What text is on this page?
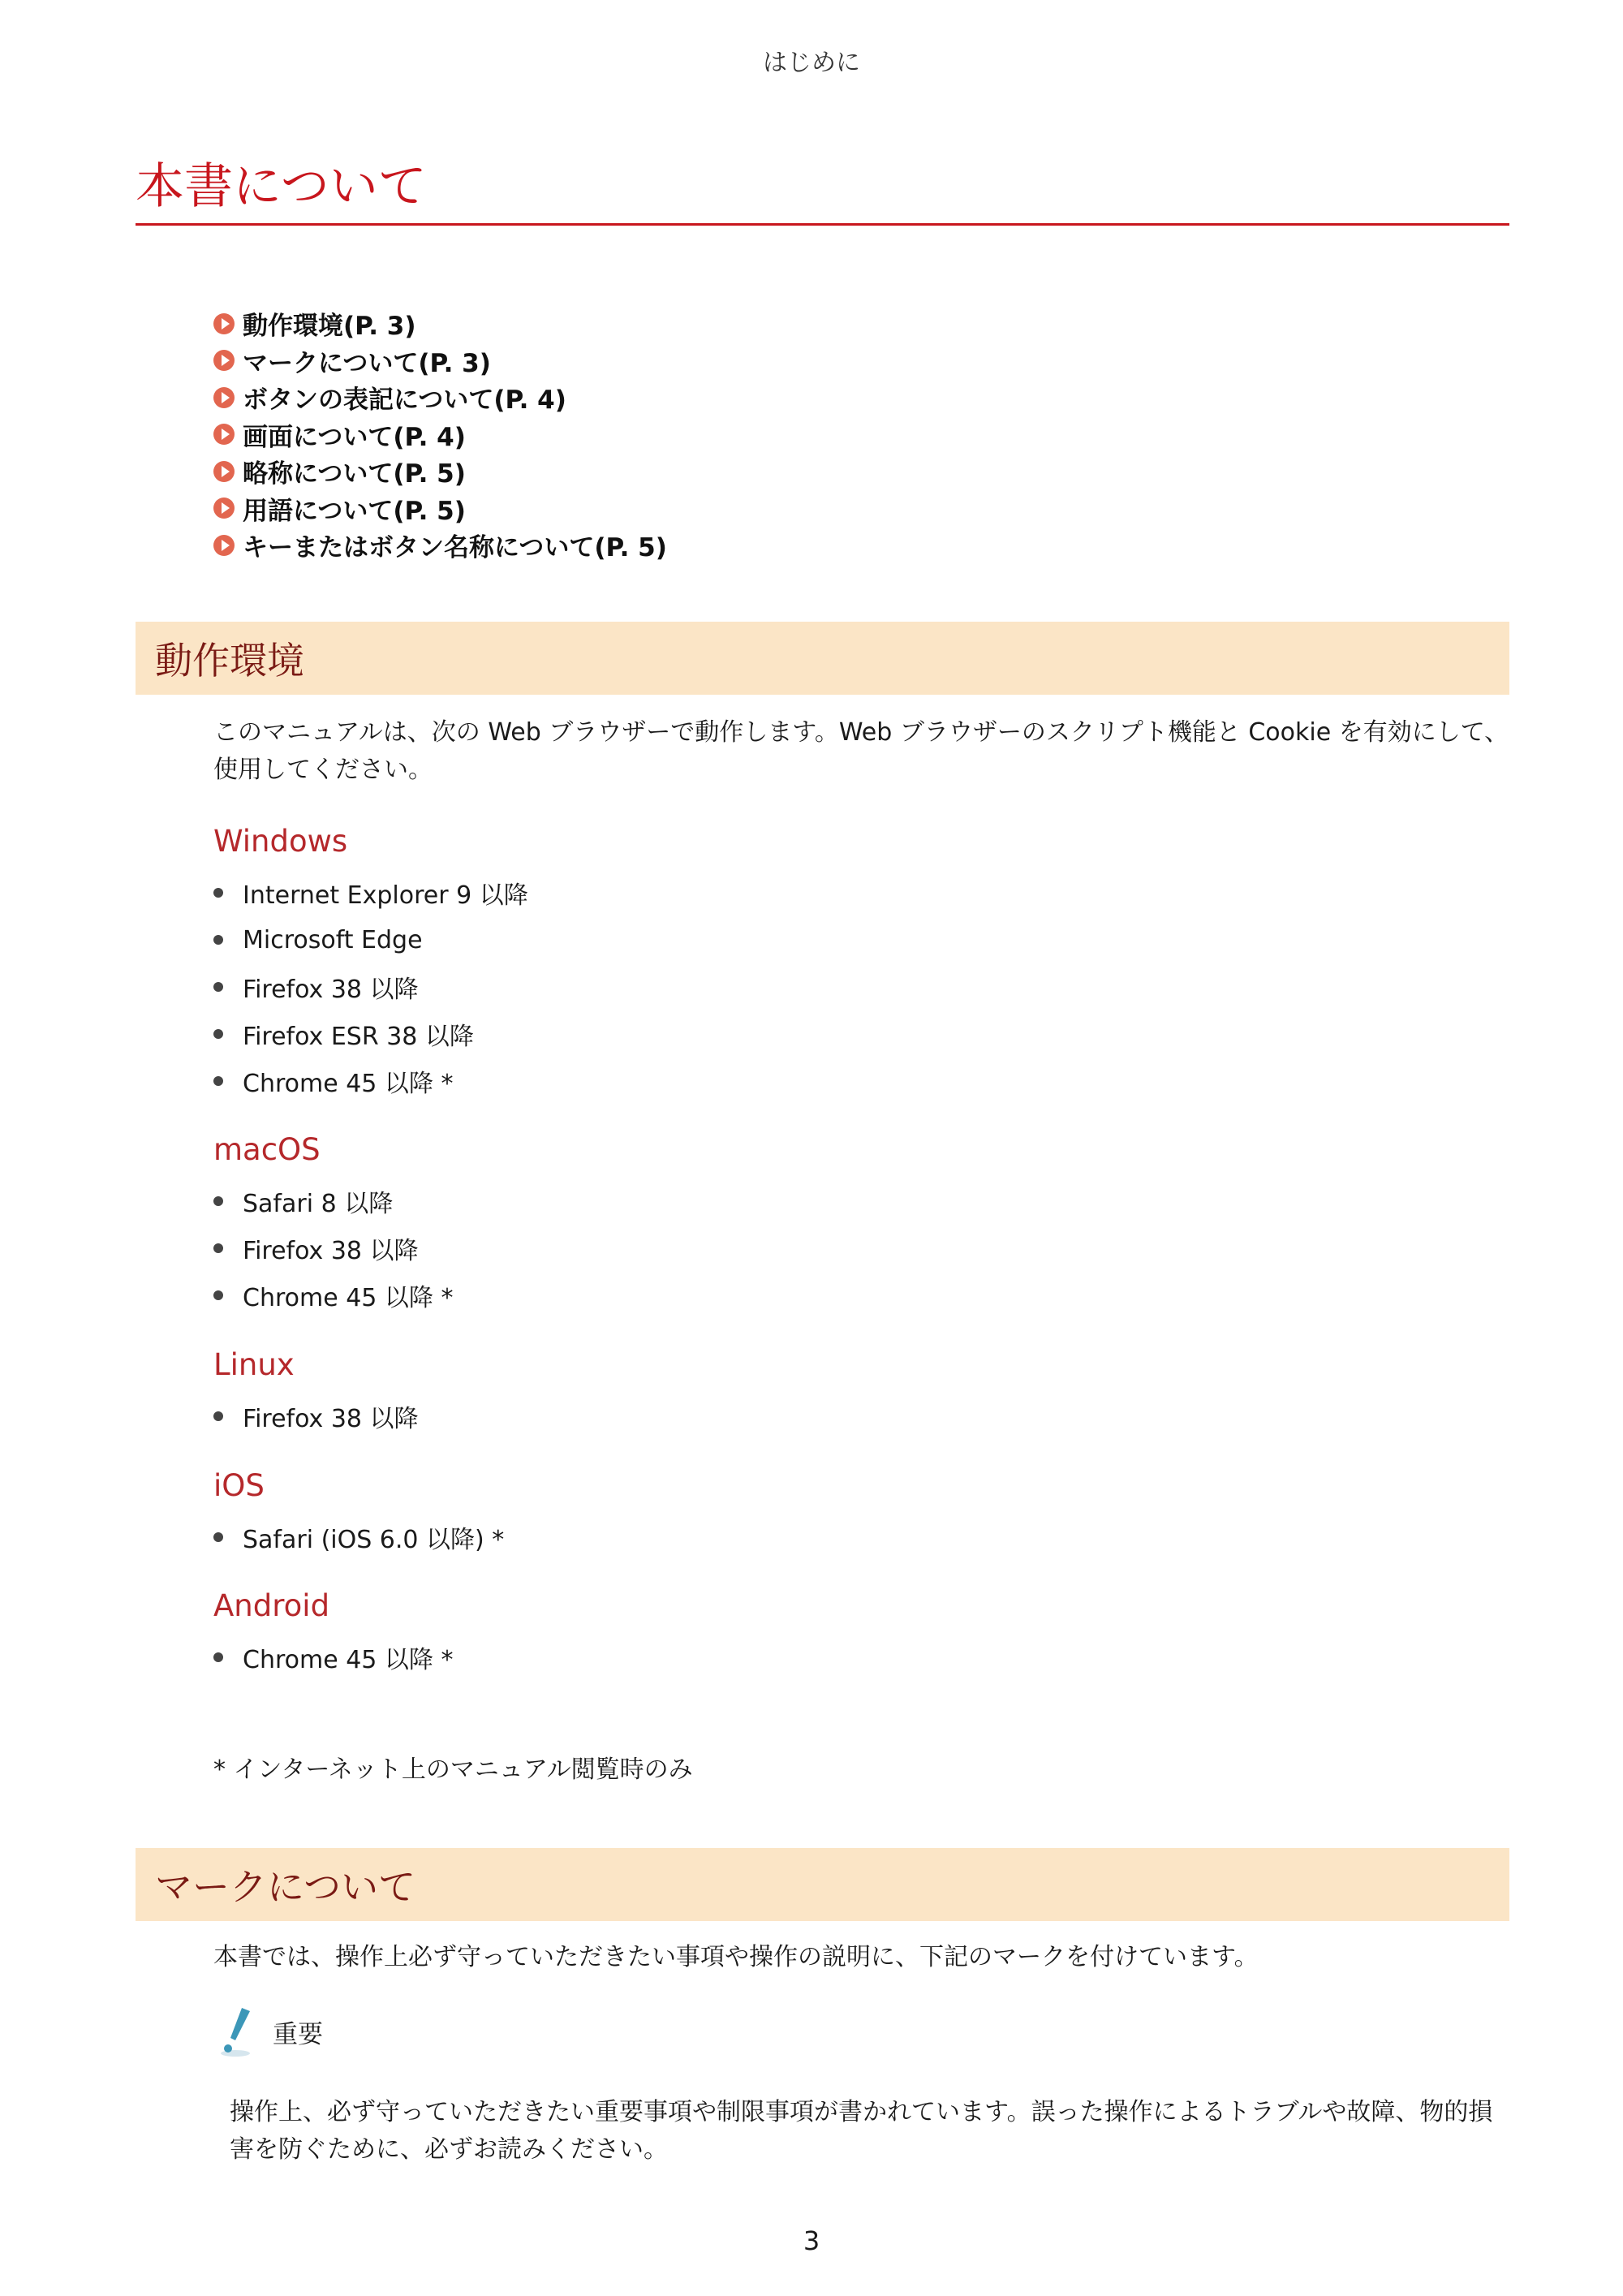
はじめに
本書について
動作環境(P. 3)
マークについて(P. 3)
ボタンの表記について(P. 4)
画面について(P. 4)
略称について(P. 5)
用語について(P. 5)
キーまたはボタン名称について(P. 5)
動作環境

このマニュアルは、次の Web ブラウザーで動作します。Web ブラウザーのスクリプト機能と Cookie を有効にして、使用してください。

Windows
Internet Explorer 9 以降
Microsoft Edge
Firefox 38 以降
Firefox ESR 38 以降
Chrome 45 以降 *
macOS
Safari 8 以降
Firefox 38 以降
Chrome 45 以降 *
Linux
Firefox 38 以降
iOS
Safari (iOS 6.0 以降) *
Android
Chrome 45 以降 *

* インターネット上のマニュアル閲覧時のみ

マークについて

本書では、操作上必ず守っていただきたい事項や操作の説明に、下記のマークを付けています。

重要

操作上、必ず守っていただきたい重要事項や制限事項が書かれています。誤った操作によるトラブルや故障、物的損害を防ぐために、必ずお読みください。

3
